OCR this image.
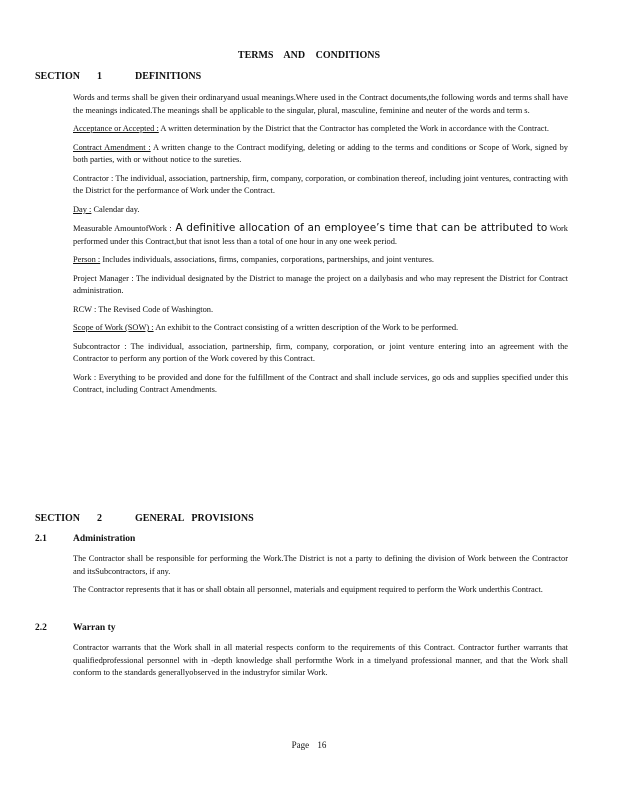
TERMS AND CONDITIONS
SECTION 1	DEFINITIONS

Words and terms shall be given their ordinaryand usual meanings.Where used in the Contract documents,the following words and terms shall have the meanings indicated.The meanings shall be applicable to the singular, plural, masculine, feminine and neuter of the words and term s.

Acceptance or Accepted : A written determination by the District that the Contractor has completed the Work in accordance with the Contract.

Contract Amendment : A written change to the Contract modifying, deleting or adding to the terms and conditions or Scope of Work, signed by both parties, with or without notice to the sureties.

Contractor : The individual, association, partnership, firm, company, corporation, or combination thereof, including joint ventures, contracting with the District for the performance of Work under the Contract.

Day : Calendar day.

Measurable AmountofWork : A definitive allocation of an employee’s time that can be attributed to Work performed under this Contract,but that isnot less than a total of one hour in any one week period.

Person : Includes individuals, associations, firms, companies, corporations, partnerships, and joint ventures.

Project Manager : The individual designated by the District to manage the project on a dailybasis and who may represent the District for Contract administration.

RCW : The Revised Code of Washington.

Scope of Work (SOW) : An exhibit to the Contract consisting of a written description of the Work to be performed.

Subcontractor : The individual, association, partnership, firm, company, corporation, or joint venture entering into an agreement with the Contractor to perform any portion of the Work covered by this Contract.

Work : Everything to be provided and done for the fulfillment of the Contract and shall include services, go ods and supplies specified under this Contract, including Contract Amendments.

SECTION 2	GENERAL PROVISIONS
2.1	Administration

The Contractor shall be responsible for performing the Work.The District is not a party to defining the division of Work between the Contractor and itsSubcontractors, if any.

The Contractor represents that it has or shall obtain all personnel, materials and equipment required to perform the Work underthis Contract.

2.2	Warran ty

Contractor warrants that the Work shall in all material respects conform to the requirements of this Contract. Contractor further warrants that qualifiedprofessional personnel with in -depth knowledge shall performthe Work in a timelyand professional manner, and that the Work shall conform to the standards generallyobserved in the industryfor similar Work.

Page 16
